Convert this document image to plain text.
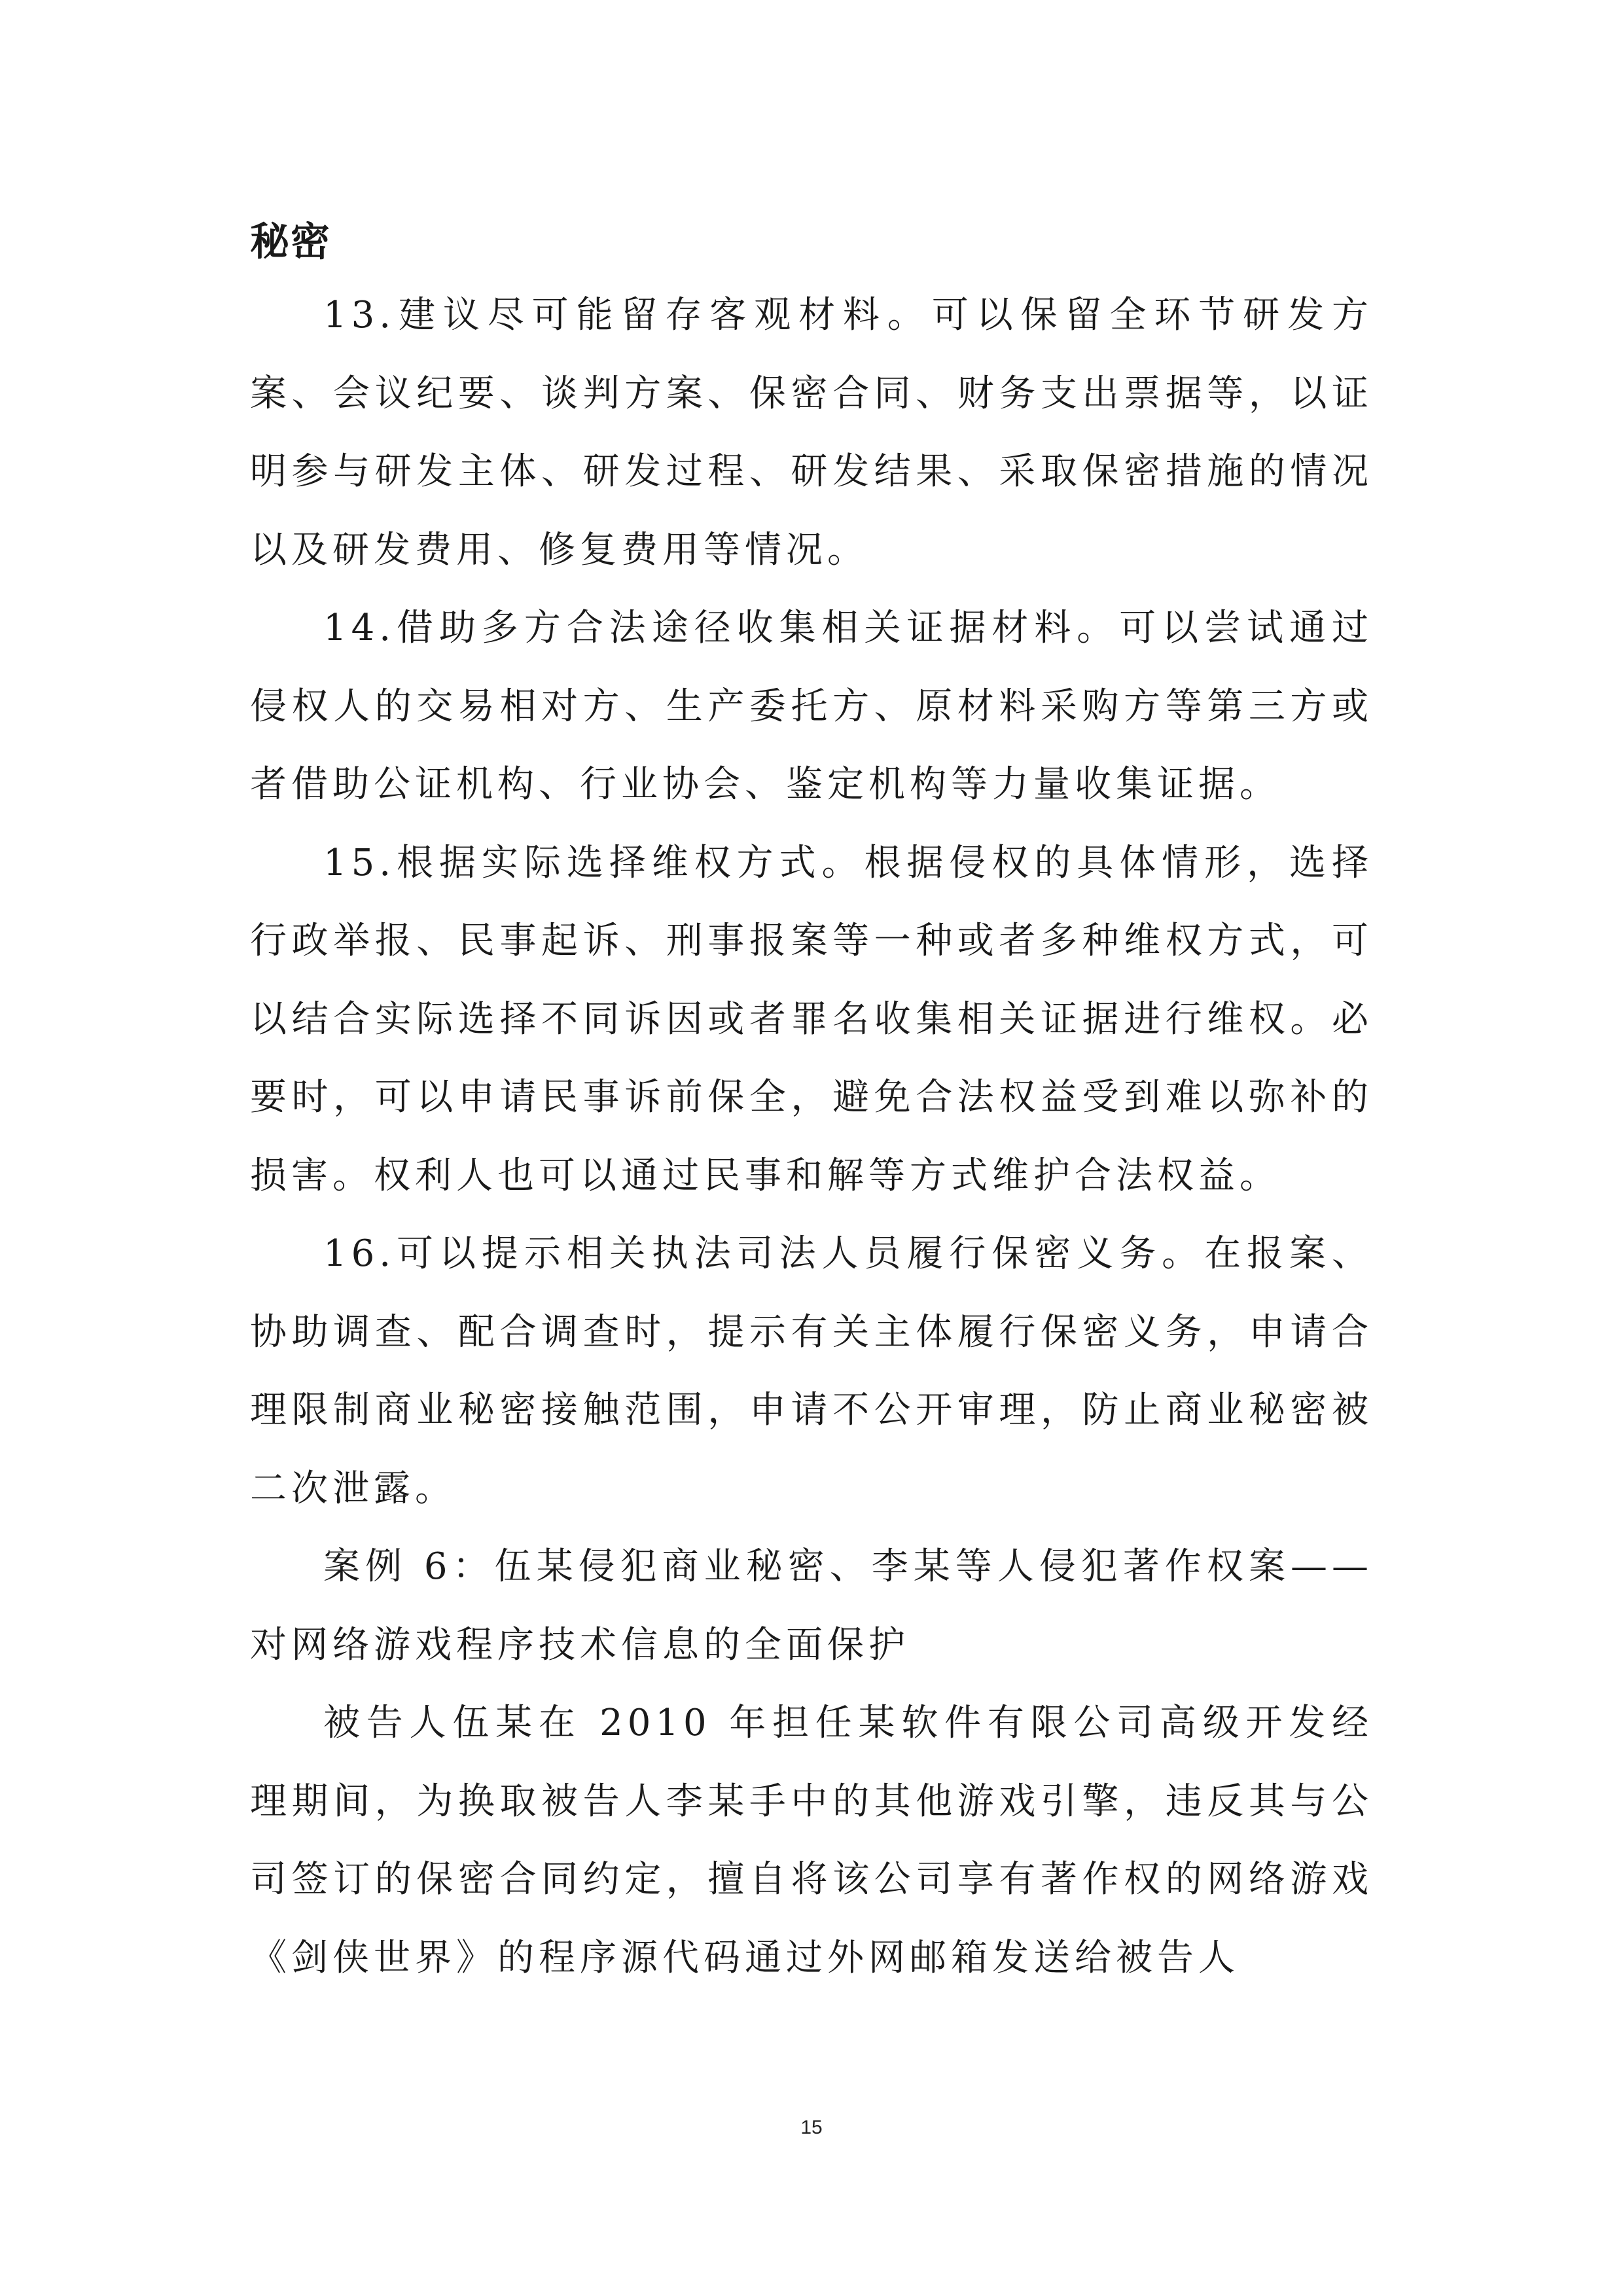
秘密

13.建议尽可能留存客观材料。可以保留全环节研发方案、会议纪要、谈判方案、保密合同、财务支出票据等，以证明参与研发主体、研发过程、研发结果、采取保密措施的情况以及研发费用、修复费用等情况。

14.借助多方合法途径收集相关证据材料。可以尝试通过侵权人的交易相对方、生产委托方、原材料采购方等第三方或者借助公证机构、行业协会、鉴定机构等力量收集证据。

15.根据实际选择维权方式。根据侵权的具体情形，选择行政举报、民事起诉、刑事报案等一种或者多种维权方式，可以结合实际选择不同诉因或者罪名收集相关证据进行维权。必要时，可以申请民事诉前保全，避免合法权益受到难以弥补的损害。权利人也可以通过民事和解等方式维护合法权益。

16.可以提示相关执法司法人员履行保密义务。在报案、协助调查、配合调查时，提示有关主体履行保密义务，申请合理限制商业秘密接触范围，申请不公开审理，防止商业秘密被二次泄露。

案例 6：伍某侵犯商业秘密、李某等人侵犯著作权案——对网络游戏程序技术信息的全面保护

被告人伍某在 2010 年担任某软件有限公司高级开发经理期间，为换取被告人李某手中的其他游戏引擎，违反其与公司签订的保密合同约定，擅自将该公司享有著作权的网络游戏《剑侠世界》的程序源代码通过外网邮箱发送给被告人

15
